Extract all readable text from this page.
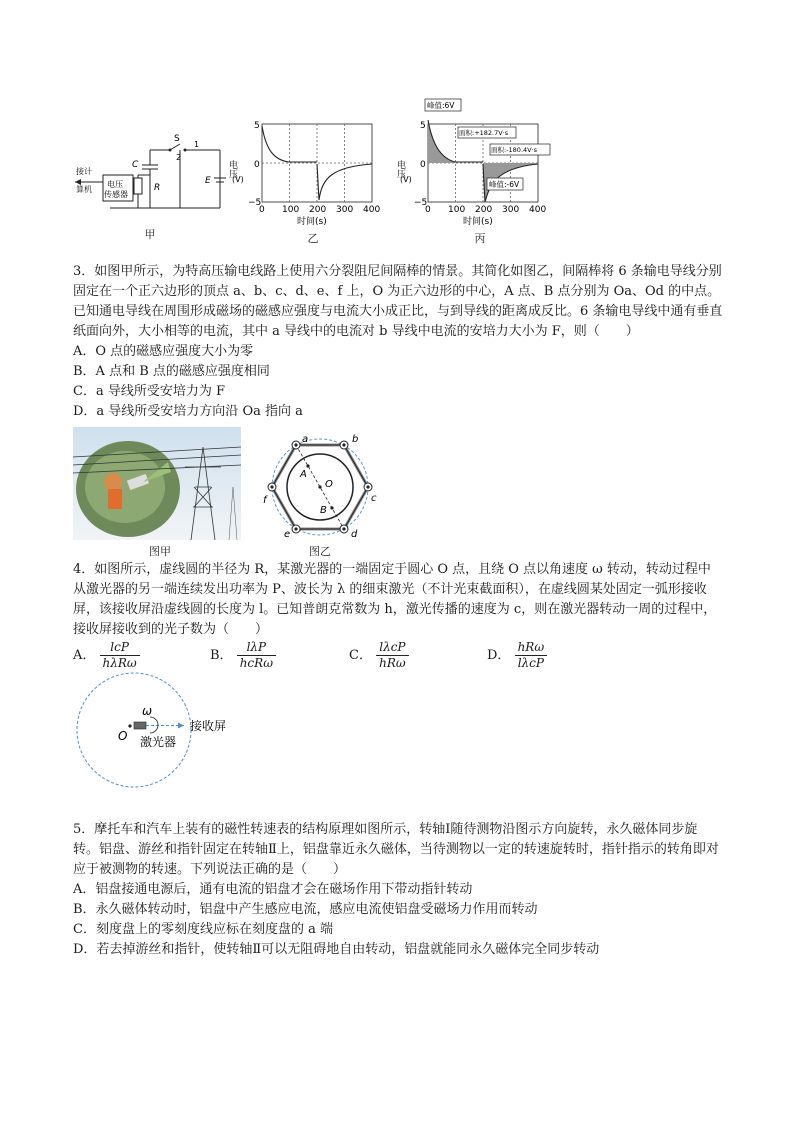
S
2
1
C
R
E
电压
传感器
接计
算机
甲
5
0
−5
0 100 200 300 400
电压
(V)
时间(s)
乙
峰值:6V
面积:+182.7V·s
面积:-180.4V·s
峰值:-6V
5
0
−5
0 100 200 300 400
电压
(V)
时间(s)
丙

3．如图甲所示，为特高压输电线路上使用六分裂阻尼间隔棒的情景。其简化如图乙，间隔棒将 6 条输电导线分别固定在一个正六边形的顶点 a、b、c、d、e、f 上，O 为正六边形的中心，A 点、B 点分别为 Oa、Od 的中点。已知通电导线在周围形成磁场的磁感应强度与电流大小成正比，与到导线的距离成反比。6 条输电导线中通有垂直纸面向外，大小相等的电流，其中 a 导线中的电流对 b 导线中电流的安培力大小为 F，则（　　）

A．O 点的磁感应强度大小为零
B．A 点和 B 点的磁感应强度相同
C．a 导线所受安培力为 F
D．a 导线所受安培力方向沿 Oa 指向 a
图甲
a	b
c
d
e
f
A
O
B
图乙

4．如图所示，虚线圆的半径为 R，某激光器的一端固定于圆心 O 点，且绕 O 点以角速度 ω 转动，转动过程中从激光器的另一端连续发出功率为 P、波长为 λ 的细束激光（不计光束截面积），在虚线圆某处固定一弧形接收屏，该接收屏沿虚线圆的长度为 l。已知普朗克常数为 h，激光传播的速度为 c，则在激光器转动一周的过程中，接收屏接收到的光子数为（　　）

A． $\frac{\text{lcP}}{\text{hλRω}}$	B． $\frac{\text{lλP}}{\text{hcRω}}$	C． $\frac{\text{lλcP}}{\text{hRω}}$	D． $\frac{\text{hRω}}{\text{lλcP}}$
ω
O 激光器
接收屏

5．摩托车和汽车上装有的磁性转速表的结构原理如图所示，转轴Ⅰ随待测物沿图示方向旋转，永久磁体同步旋转。铝盘、游丝和指针固定在转轴Ⅱ上，铝盘靠近永久磁体，当待测物以一定的转速旋转时，指针指示的转角即对应于被测物的转速。下列说法正确的是（　　）

A．铝盘接通电源后，通有电流的铝盘才会在磁场作用下带动指针转动
B．永久磁体转动时，铝盘中产生感应电流，感应电流使铝盘受磁场力作用而转动
C．刻度盘上的零刻度线应标在刻度盘的 a 端
D．若去掉游丝和指针，使转轴Ⅱ可以无阻碍地自由转动，铝盘就能同永久磁体完全同步转动
